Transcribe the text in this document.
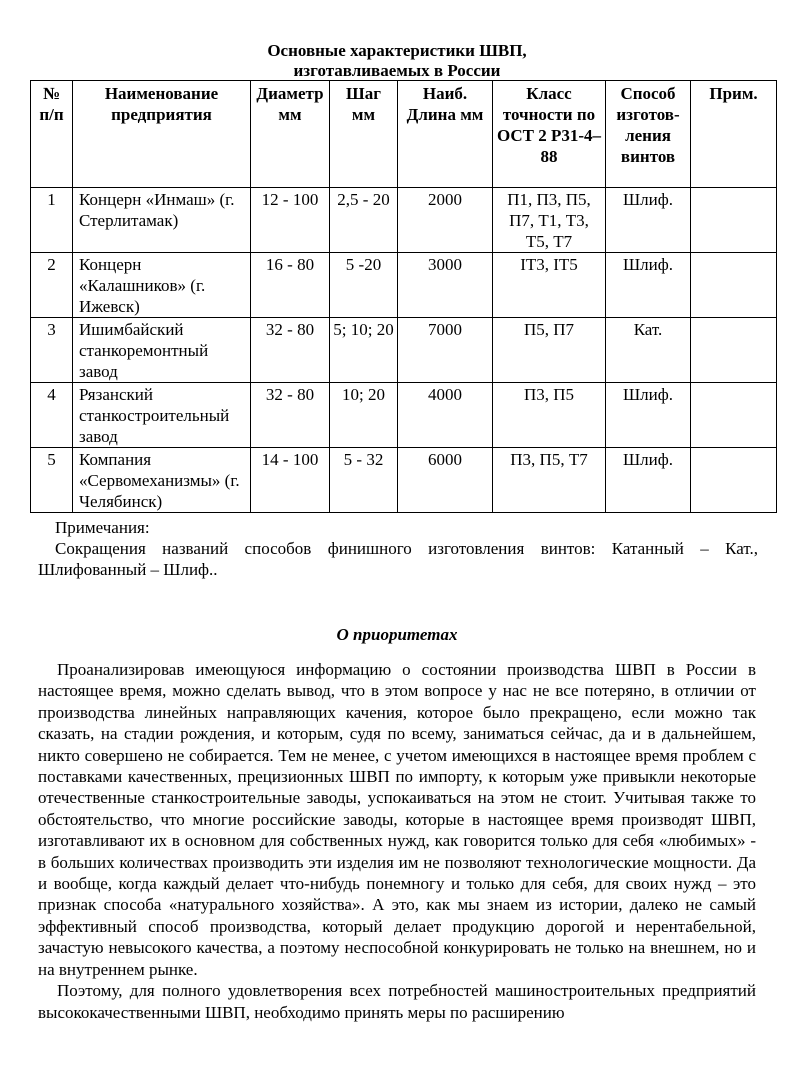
Основные характеристики ШВП,
изготавливаемых в России
№ п/п	Наименование предприятия	Диаметр мм	Шаг мм	Наиб. Длина мм	Класс точности по ОСТ 2 Р31-4–88	Способ изготов-ления винтов	Прим.
1	Концерн «Инмаш» (г. Стерлитамак)	12 - 100	2,5 - 20	2000	П1, П3, П5, П7, Т1, Т3, Т5, Т7	Шлиф.	
2	Концерн «Калашников» (г. Ижевск)	16 - 80	5 -20	3000	IТ3, IТ5	Шлиф.	
3	Ишимбайский станкоремонтный завод	32 - 80	5; 10; 20	7000	П5, П7	Кат.	
4	Рязанский станкостроительный завод	32 - 80	10; 20	4000	П3, П5	Шлиф.	
5	Компания «Сервомеханизмы» (г. Челябинск)	14 - 100	5 - 32	6000	П3, П5, Т7	Шлиф.	
Примечания:
Сокращения названий способов финишного изготовления винтов: Катанный – Кат., Шлифованный – Шлиф..
О приоритетах

Проанализировав имеющуюся информацию о состоянии производства ШВП в России в настоящее время, можно сделать вывод, что в этом вопросе у нас не все потеряно, в отличии от производства линейных направляющих качения, которое было прекращено, если можно так сказать, на стадии рождения, и которым, судя по всему, заниматься сейчас, да и в дальнейшем, никто совершено не собирается. Тем не менее, с учетом имеющихся в настоящее время проблем с поставками качественных, прецизионных ШВП по импорту, к которым уже привыкли некоторые отечественные станкостроительные заводы, успокаиваться на этом не стоит. Учитывая также то обстоятельство, что многие российские заводы, которые в настоящее время производят ШВП, изготавливают их в основном для собственных нужд, как говорится только для себя «любимых» - в больших количествах производить эти изделия им не позволяют технологические мощности. Да и вообще, когда каждый делает что-нибудь понемногу и только для себя, для своих нужд – это признак способа «натурального хозяйства». А это, как мы знаем из истории, далеко не самый эффективный способ производства, который делает продукцию дорогой и нерентабельной, зачастую невысокого качества, а поэтому неспособной конкурировать не только на внешнем, но и на внутреннем рынке.

Поэтому, для полного удовлетворения всех потребностей машиностроительных предприятий высококачественными ШВП, необходимо принять меры по расширению
